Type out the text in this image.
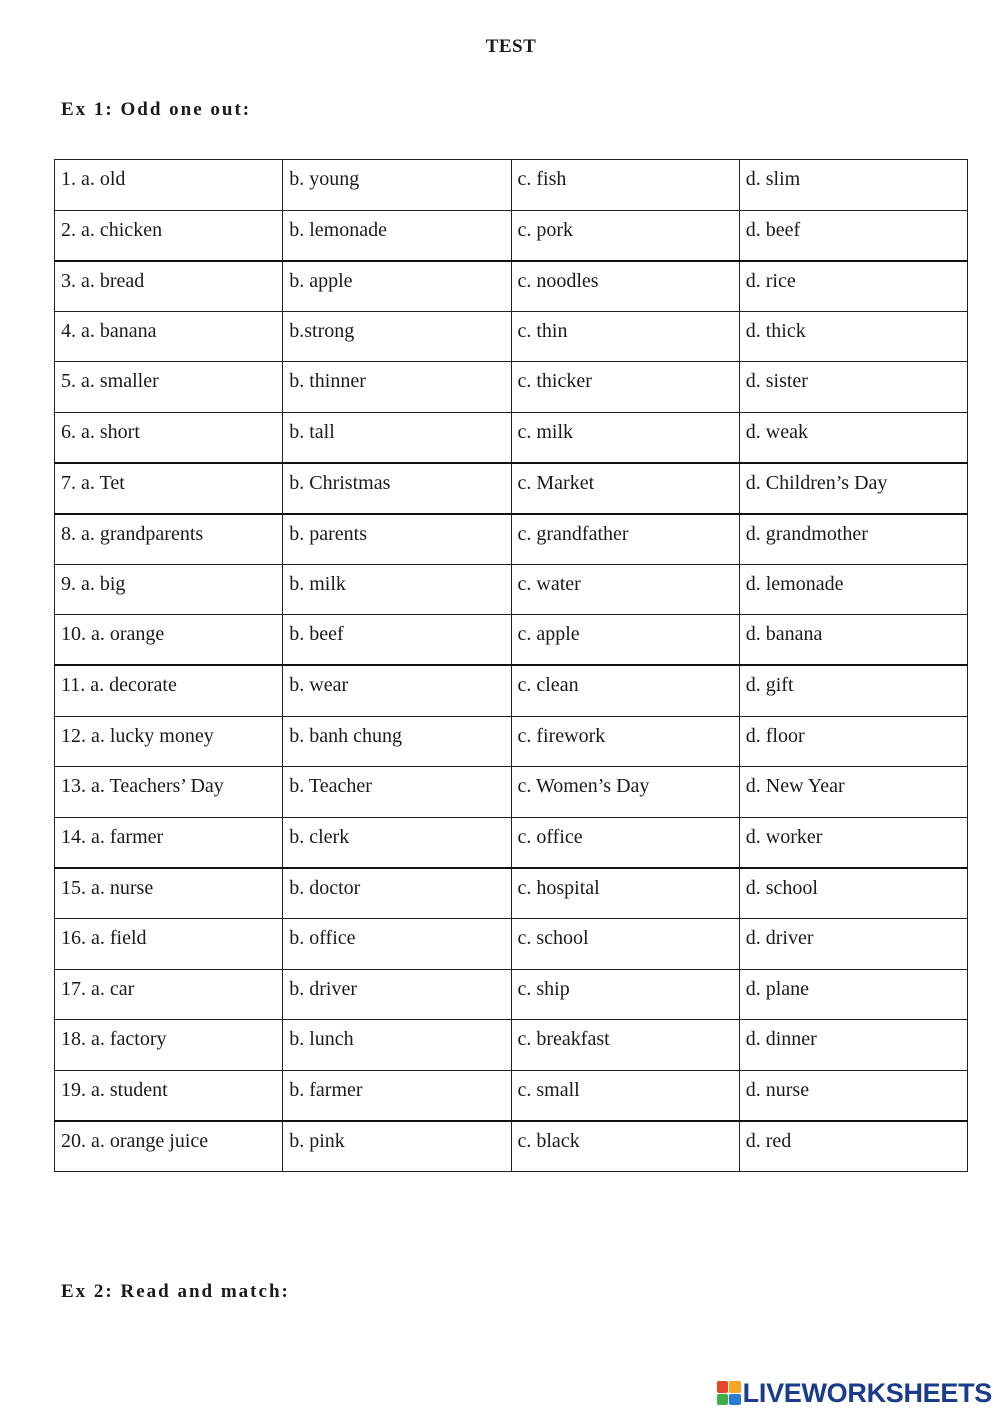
TEST
Ex 1: Odd one out:
1. a. old	b. young	c. fish	d. slim
2. a. chicken	b. lemonade	c. pork	d. beef
3. a. bread	b. apple	c. noodles	d. rice
4. a. banana	b.strong	c. thin	d. thick
5. a. smaller	b. thinner	c. thicker	d. sister
6. a. short	b. tall	c. milk	d. weak
7. a. Tet	b. Christmas	c. Market	d. Children’s Day
8. a. grandparents	b. parents	c. grandfather	d. grandmother
9. a. big	b. milk	c. water	d. lemonade
10. a. orange	b. beef	c. apple	d. banana
11. a. decorate	b. wear	c. clean	d. gift
12. a. lucky money	b. banh chung	c. firework	d. floor
13. a. Teachers’ Day	b. Teacher	c. Women’s Day	d. New Year
14. a. farmer	b. clerk	c. office	d. worker
15. a. nurse	b. doctor	c. hospital	d. school
16. a. field	b. office	c. school	d. driver
17. a. car	b. driver	c. ship	d. plane
18. a. factory	b. lunch	c. breakfast	d. dinner
19. a. student	b. farmer	c. small	d. nurse
20. a. orange juice	b. pink	c. black	d. red
Ex 2: Read and match:
LIVEWORKSHEETS
